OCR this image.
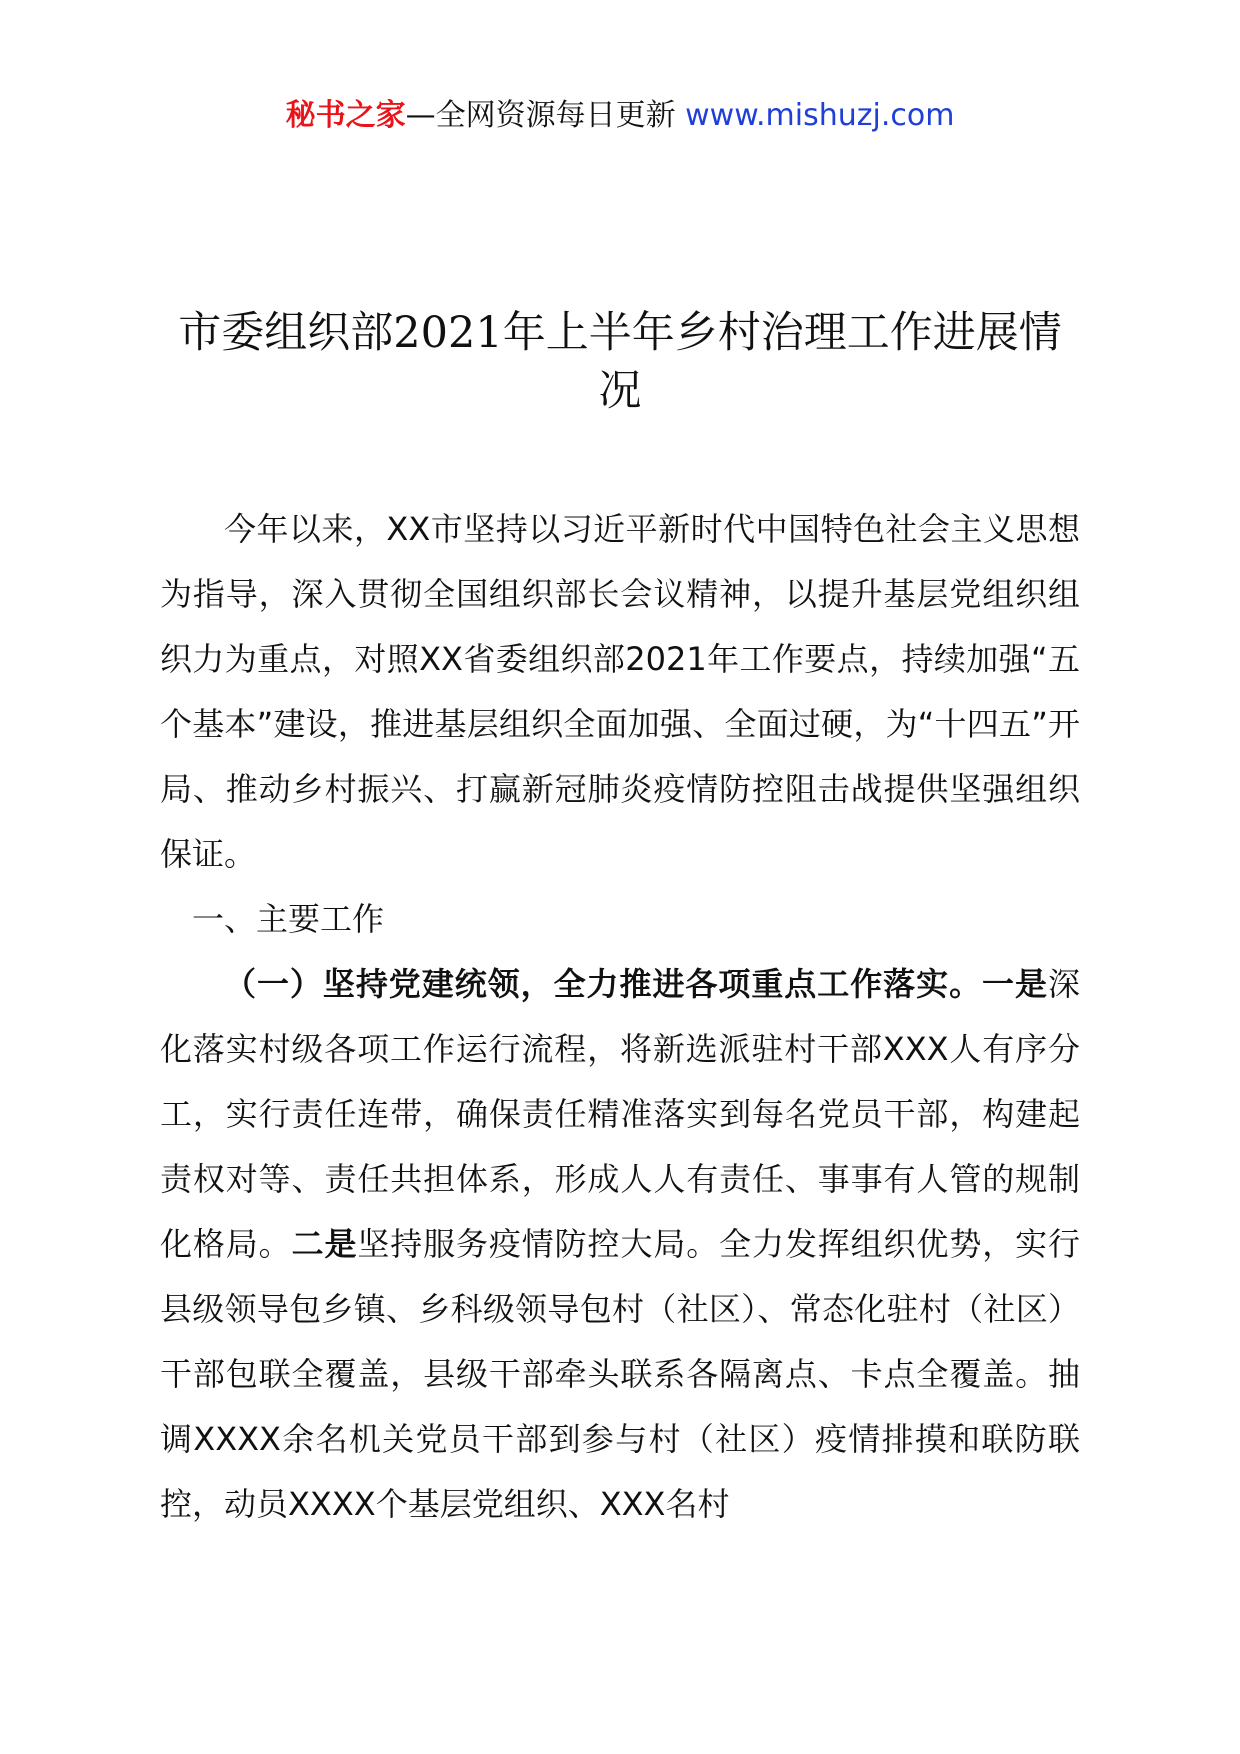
秘书之家—全网资源每日更新 www.mishuzj.com
市委组织部2021年上半年乡村治理工作进展情况

今年以来，XX市坚持以习近平新时代中国特色社会主义思想为指导，深入贯彻全国组织部长会议精神，以提升基层党组织组织力为重点，对照XX省委组织部2021年工作要点，持续加强“五个基本”建设，推进基层组织全面加强、全面过硬，为“十四五”开局、推动乡村振兴、打赢新冠肺炎疫情防控阻击战提供坚强组织保证。

一、主要工作

（一）坚持党建统领，全力推进各项重点工作落实。一是深化落实村级各项工作运行流程，将新选派驻村干部XXX人有序分工，实行责任连带，确保责任精准落实到每名党员干部，构建起责权对等、责任共担体系，形成人人有责任、事事有人管的规制化格局。二是坚持服务疫情防控大局。全力发挥组织优势，实行县级领导包乡镇、乡科级领导包村（社区）、常态化驻村（社区）干部包联全覆盖，县级干部牵头联系各隔离点、卡点全覆盖。抽调XXXX余名机关党员干部到参与村（社区）疫情排摸和联防联控，动员XXXX个基层党组织、XXX名村
